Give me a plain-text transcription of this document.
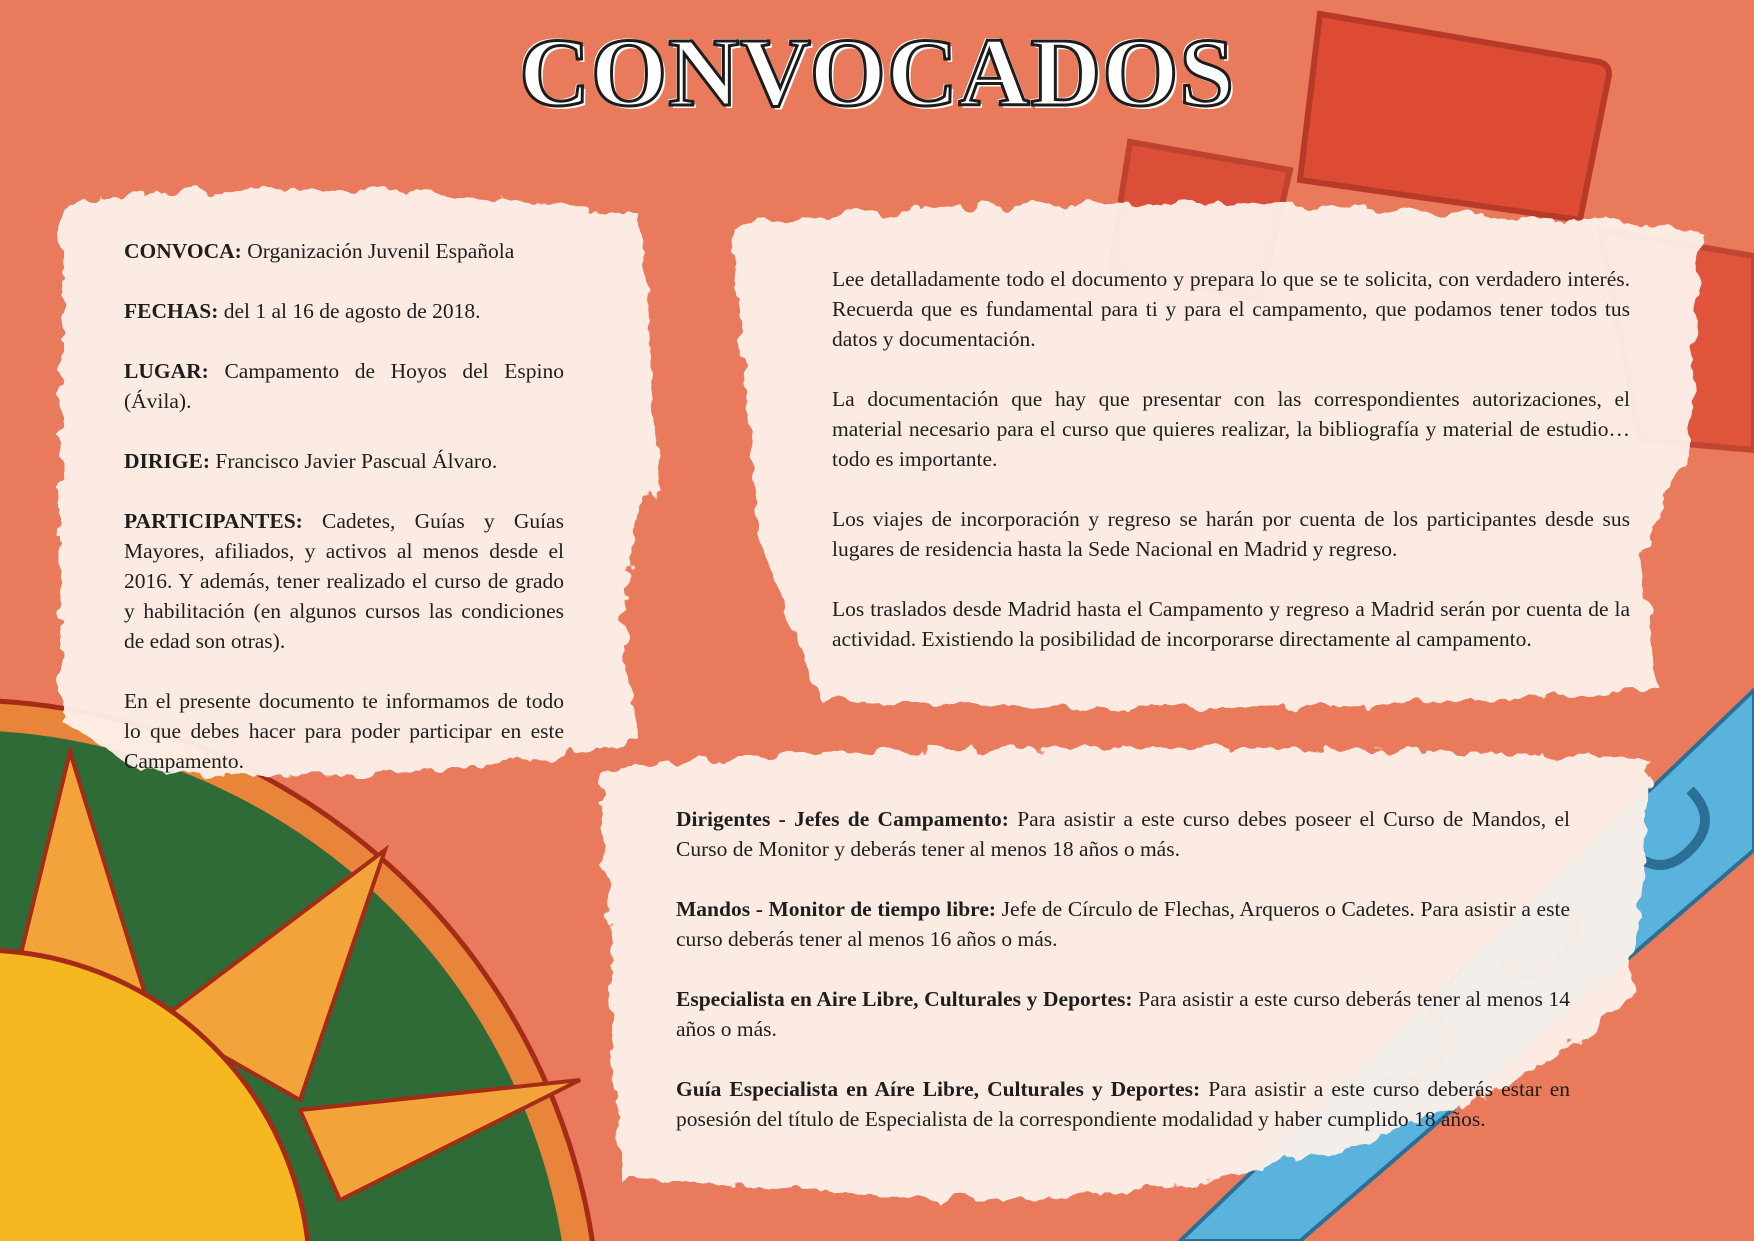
CONVOCADOS

CONVOCA: Organización Juvenil Española

FECHAS: del 1 al 16 de agosto de 2018.

LUGAR: Campamento de Hoyos del Espino (Ávila).

DIRIGE: Francisco Javier Pascual Álvaro.

PARTICIPANTES: Cadetes, Guías y Guías Mayores, afiliados, y activos al menos desde el 2016. Y además, tener realizado el curso de grado y habilitación (en algunos cursos las condiciones de edad son otras).

En el presente documento te informamos de todo lo que debes hacer para poder participar en este Campamento.

Lee detalladamente todo el documento y prepara lo que se te solicita, con verdadero interés. Recuerda que es fundamental para ti y para el campamento, que podamos tener todos tus datos y documentación.

La documentación que hay que presentar con las correspondientes autorizaciones, el material necesario para el curso que quieres realizar, la bibliografía y material de estudio… todo es importante.

Los viajes de incorporación y regreso se harán por cuenta de los participantes desde sus lugares de residencia hasta la Sede Nacional en Madrid y regreso.

Los traslados desde Madrid hasta el Campamento y regreso a Madrid serán por cuenta de la actividad. Existiendo la posibilidad de incorporarse directamente al campamento.

Dirigentes - Jefes de Campamento: Para asistir a este curso debes poseer el Curso de Mandos, el Curso de Monitor y deberás tener al menos 18 años o más.

Mandos - Monitor de tiempo libre: Jefe de Círculo de Flechas, Arqueros o Cadetes. Para asistir a este curso deberás tener al menos 16 años o más.

Especialista en Aire Libre, Culturales y Deportes: Para asistir a este curso deberás tener al menos 14 años o más.

Guía Especialista en Aíre Libre, Culturales y Deportes: Para asistir a este curso deberás estar en posesión del título de Especialista de la correspondiente modalidad y haber cumplido 18 años.
